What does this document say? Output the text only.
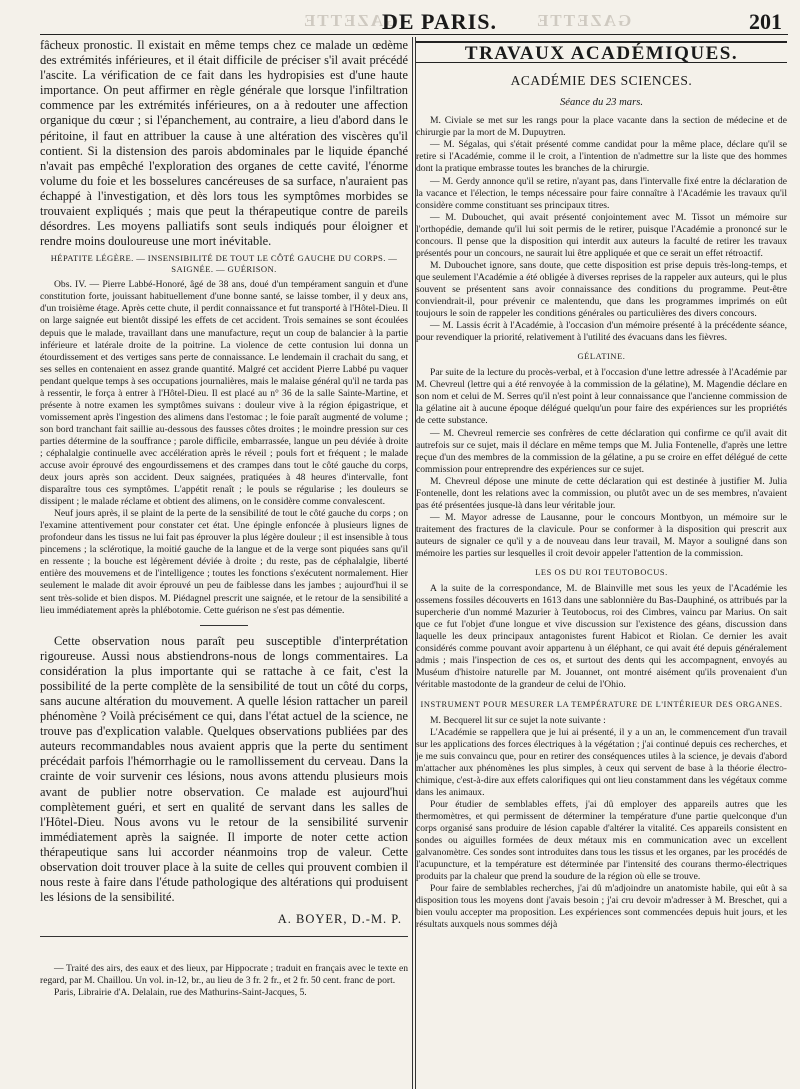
GAZETTE
DE PARIS. GAZETTE	201

fâcheux pronostic. Il existait en même temps chez ce malade un œdème des extrémités inférieures, et il était difficile de préciser s'il avait précédé l'ascite. La vérification de ce fait dans les hydropisies est d'une haute importance. On peut affirmer en règle générale que lorsque l'infiltration commence par les extrémités inférieures, on a à redouter une affection organique du cœur ; si l'épanchement, au contraire, a lieu d'abord dans le péritoine, il faut en attribuer la cause à une altération des viscères qu'il contient. Si la distension des parois abdominales par le liquide épanché n'avait pas empêché l'exploration des organes de cette cavité, l'énorme volume du foie et les bosselures cancéreuses de sa surface, n'auraient pas échappé à l'investigation, et dès lors tous les symptômes morbides se trouvaient expliqués ; mais que peut la thérapeutique contre de pareils désordres. Les moyens palliatifs sont seuls indiqués pour éloigner et rendre moins douloureuse une mort inévitable.

HÉPATITE LÉGÈRE. — INSENSIBILITÉ DE TOUT LE CÔTÉ GAUCHE DU CORPS. — SAIGNÉE. — GUÉRISON.

Obs. IV. — Pierre Labbé-Honoré, âgé de 38 ans, doué d'un tempérament sanguin et d'une constitution forte, jouissant habituellement d'une bonne santé, se laisse tomber, il y deux ans, d'un troisième étage. Après cette chute, il perdit connaissance et fut transporté à l'Hôtel-Dieu. Il on large saignée eut bientôt dissipé les effets de cet accident. Trois semaines se sont écoulées depuis que le malade, travaillant dans une manufacture, reçut un coup de balancier à la partie inférieure et latérale droite de la poitrine. La violence de cette contusion lui donna un étourdissement et des vertiges sans perte de connaissance. Le lendemain il crachait du sang, et ses selles en contenaient en assez grande quantité. Malgré cet accident Pierre Labbé pu vaquer pendant quelque temps à ses occupations journalières, mais le malaise général qu'il ne tarda pas à ressentir, le força à entrer à l'Hôtel-Dieu. Il est placé au n° 36 de la salle Sainte-Martine, et présente à notre examen les symptômes suivans : douleur vive à la région épigastrique, et vomissement après l'ingestion des alimens dans l'estomac ; le foie paraît augmenté de volume ; son bord tranchant fait saillie au-dessous des fausses côtes droites ; le moindre pression sur ces parties détermine de la souffrance ; parole difficile, embarrassée, langue un peu déviée à droite ; céphalalgie continuelle avec accélération après le réveil ; pouls fort et fréquent ; le malade accuse avoir éprouvé des engourdissemens et des crampes dans tout le côté gauche du corps, deux jours après son accident. Deux saignées, pratiquées à 48 heures d'intervalle, font disparaître tous ces symptômes. L'appétit renaît ; le pouls se régularise ; les douleurs se dissipent ; le malade réclame et obtient des alimens, on le considère comme convalescent.

Neuf jours après, il se plaint de la perte de la sensibilité de tout le côté gauche du corps ; on l'examine attentivement pour constater cet état. Une épingle enfoncée à plusieurs lignes de profondeur dans les tissus ne lui fait pas éprouver la plus légère douleur ; il est insensible à tous pincemens ; la sclérotique, la moitié gauche de la langue et de la verge sont piquées sans qu'il en ressente ; la bouche est légèrement déviée à droite ; du reste, pas de céphalalgie, liberté entière des mouvemens et de l'intelligence ; toutes les fonctions s'exécutent normalement. Hier seulement le malade dit avoir éprouvé un peu de faiblesse dans les jambes ; aujourd'hui il se sent très-solide et bien dispos. M. Piédagnel prescrit une saignée, et le retour de la sensibilité a lieu immédiatement après la phlébotomie. Cette guérison ne s'est pas démentie.

Cette observation nous paraît peu susceptible d'interprétation rigoureuse. Aussi nous abstiendrons-nous de longs commentaires. La considération la plus importante qui se rattache à ce fait, c'est la possibilité de la perte complète de la sensibilité de tout un côté du corps, sans aucune altération du mouvement. A quelle lésion rattacher un pareil phénomène ? Voilà précisément ce qui, dans l'état actuel de la science, ne trouve pas d'explication valable. Quelques observations publiées par des auteurs recommandables nous avaient appris que la perte du sentiment précédait parfois l'hémorrhagie ou le ramollissement du cerveau. Dans la crainte de voir survenir ces lésions, nous avons attendu plusieurs mois avant de publier notre observation. Ce malade est aujourd'hui complètement guéri, et sert en qualité de servant dans les salles de l'Hôtel-Dieu. Nous avons vu le retour de la sensibilité survenir immédiatement après la saignée. Il importe de noter cette action thérapeutique sans lui accorder néanmoins trop de valeur. Cette observation doit trouver place à la suite de celles qui prouvent combien il nous reste à faire dans l'étude pathologique des altérations qui produisent les lésions de la sensibilité.

A. BOYER, D.-M. P.

— Traité des airs, des eaux et des lieux, par Hippocrate ; traduit en français avec le texte en regard, par M. Chaillou. Un vol. in-12, br., au lieu de 3 fr. 2 fr., et 2 fr. 50 cent. franc de port.

Paris, Librairie d'A. Delalain, rue des Mathurins-Saint-Jacques, 5.

TRAVAUX ACADÉMIQUES.
ACADÉMIE DES SCIENCES.
Séance du 23 mars.

M. Civiale se met sur les rangs pour la place vacante dans la section de médecine et de chirurgie par la mort de M. Dupuytren.

— M. Ségalas, qui s'était présenté comme candidat pour la même place, déclare qu'il se retire si l'Académie, comme il le croit, a l'intention de n'admettre sur la liste que des hommes dont la pratique embrasse toutes les branches de la chirurgie.

— M. Gerdy annonce qu'il se retire, n'ayant pas, dans l'intervalle fixé entre la déclaration de la vacance et l'élection, le temps nécessaire pour faire connaître à l'Académie les travaux qu'il considère comme constituant ses principaux titres.

— M. Dubouchet, qui avait présenté conjointement avec M. Tissot un mémoire sur l'orthopédie, demande qu'il lui soit permis de le retirer, puisque l'Académie a prononcé sur le concours. Il pense que la disposition qui interdit aux auteurs la faculté de retirer les travaux présentés pour un concours, ne saurait lui être appliquée et que ce serait un effet rétroactif.

M. Dubouchet ignore, sans doute, que cette disposition est prise depuis très-long-temps, et que seulement l'Académie a été obligée à diverses reprises de la rappeler aux auteurs, qui le plus souvent se présentent sans avoir connaissance des conditions du programme. Peut-être conviendrait-il, pour prévenir ce malentendu, que dans les programmes imprimés on eût toujours le soin de rappeler les conditions générales ou particulières des divers concours.

— M. Lassis écrit à l'Académie, à l'occasion d'un mémoire présenté à la précédente séance, pour revendiquer la priorité, relativement à l'utilité des évacuans dans les fièvres.

GÉLATINE.

Par suite de la lecture du procès-verbal, et à l'occasion d'une lettre adressée à l'Académie par M. Chevreul (lettre qui a été renvoyée à la commission de la gélatine), M. Magendie déclare en son nom et celui de M. Serres qu'il n'est point à leur connaissance que l'ancienne commission de la gélatine ait à aucune époque délégué quelqu'un pour faire des expériences sur les propriétés de cette substance.

— M. Chevreul remercie ses confrères de cette déclaration qui confirme ce qu'il avait dit autrefois sur ce sujet, mais il déclare en même temps que M. Julia Fontenelle, d'après une lettre reçue d'un des membres de la commission de la gélatine, a pu se croire en effet délégué de cette commission pour entreprendre des expériences sur ce sujet.

M. Chevreul dépose une minute de cette déclaration qui est destinée à justifier M. Julia Fontenelle, dont les relations avec la commission, ou plutôt avec un de ses membres, n'avaient pas été présentées jusque-là dans leur véritable jour.

— M. Mayor adresse de Lausanne, pour le concours Montbyon, un mémoire sur le traitement des fractures de la clavicule. Pour se conformer à la disposition qui prescrit aux auteurs de signaler ce qu'il y a de nouveau dans leur travail, M. Mayor a souligné dans son mémoire les parties sur lesquelles il croit devoir appeler l'attention de la commission.

LES OS DU ROI TEUTOBOCUS.

A la suite de la correspondance, M. de Blainville met sous les yeux de l'Académie les ossemens fossiles découverts en 1613 dans une sablonnière du Bas-Dauphiné, os attribués par la supercherie d'un nommé Mazurier à Teutobocus, roi des Cimbres, vaincu par Marius. On sait que ce fut l'objet d'une longue et vive discussion sur l'existence des géans, discussion dans laquelle les deux principaux antagonistes furent Habicot et Riolan. Ce dernier les avait considérés comme pouvant avoir appartenu à un éléphant, ce qui avait été depuis généralement admis ; mais l'inspection de ces os, et surtout des dents qui les accompagnent, envoyés au Muséum d'histoire naturelle par M. Jouannet, ont montré aisément qu'ils provenaient d'un véritable mastodonte de la grandeur de celui de l'Ohio.

INSTRUMENT POUR MESURER LA TEMPÉRATURE DE L'INTÉRIEUR DES ORGANES.

M. Becquerel lit sur ce sujet la note suivante :

L'Académie se rappellera que je lui ai présenté, il y a un an, le commencement d'un travail sur les applications des forces électriques à la végétation ; j'ai continué depuis ces recherches, et je me suis convaincu que, pour en retirer des conséquences utiles à la science, je devais d'abord m'attacher aux phénomènes les plus simples, à ceux qui servent de base à la théorie électro-chimique, c'est-à-dire aux effets calorifiques qui ont lieu constamment dans les végétaux comme dans les animaux.

Pour étudier de semblables effets, j'ai dû employer des appareils autres que les thermomètres, et qui permissent de déterminer la température d'une partie quelconque d'un corps organisé sans produire de lésion capable d'altérer la vitalité. Ces appareils consistent en sondes ou aiguilles formées de deux métaux mis en communication avec un excellent galvanomètre. Ces sondes sont introduites dans tous les tissus et les organes, par les procédés de l'acupuncture, et la température est déterminée par l'intensité des courans thermo-électriques produits par la chaleur que prend la soudure de la région où elle se trouve.

Pour faire de semblables recherches, j'ai dû m'adjoindre un anatomiste habile, qui eût à sa disposition tous les moyens dont j'avais besoin ; j'ai cru devoir m'adresser à M. Breschet, qui a bien voulu accepter ma proposition. Les expériences sont commencées depuis huit jours, et les résultats auxquels nous sommes déjà
